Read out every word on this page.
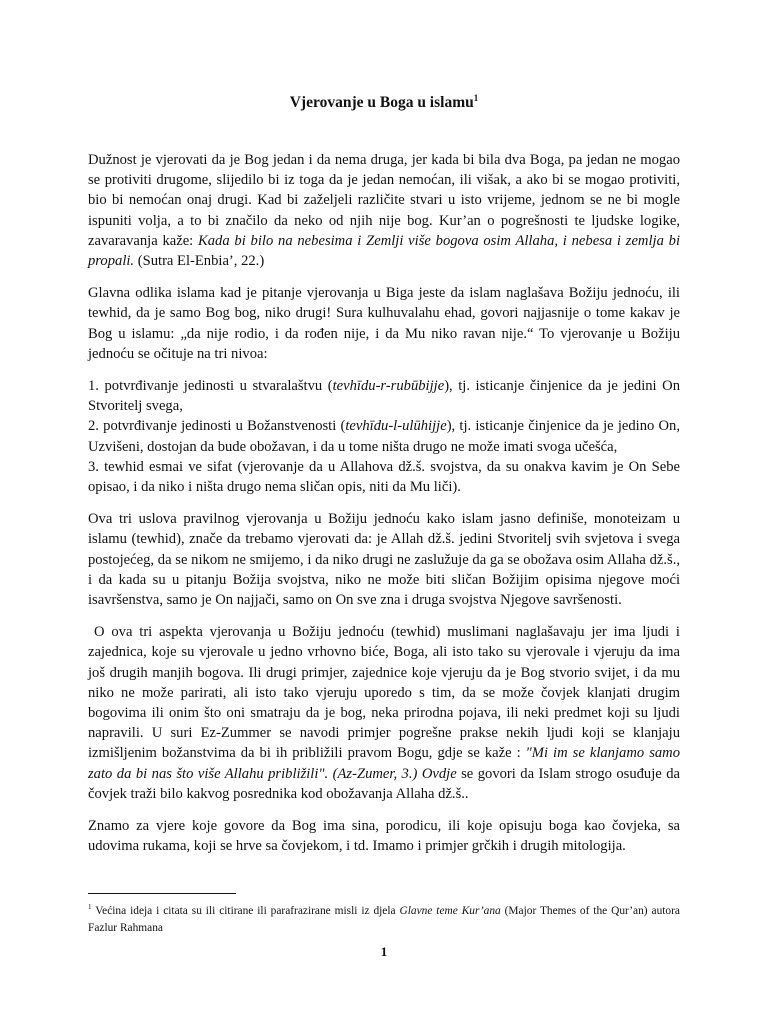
Vjerovanje u Boga u islamu$^1$

Dužnost je vjerovati da je Bog jedan i da nema druga, jer kada bi bila dva Boga, pa jedan ne mogao se protiviti drugome, slijedilo bi iz toga da je jedan nemoćan, ili višak, a ako bi se mogao protiviti, bio bi nemoćan onaj drugi. Kad bi zaželjeli različite stvari u isto vrijeme, jednom se ne bi mogle ispuniti volja, a to bi značilo da neko od njih nije bog. Kur’an o pogrešnosti te ljudske logike, zavaravanja kaže: Kada bi bilo na nebesima i Zemlji više bogova osim Allaha, i nebesa i zemlja bi propali. (Sutra El-Enbia’, 22.)

Glavna odlika islama kad je pitanje vjerovanja u Biga jeste da islam naglašava Božiju jednoću, ili tewhid, da je samo Bog bog, niko drugi! Sura kulhuvalahu ehad, govori najjasnije o tome kakav je Bog u islamu: „da nije rodio, i da rođen nije, i da Mu niko ravan nije.“ To vjerovanje u Božiju jednoću se očituje na tri nivoa:

1. potvrđivanje jedinosti u stvaralaštvu (tevhīdu-r-rubūbijje), tj. isticanje činjenice da je jedini On Stvoritelj svega,
2. potvrđivanje jedinosti u Božanstvenosti (tevhīdu-l-ulūhijje), tj. isticanje činjenice da je jedino On, Uzvišeni, dostojan da bude obožavan, i da u tome ništa drugo ne može imati svoga učešća,
3. tewhid esmai ve sifat (vjerovanje da u Allahova dž.š. svojstva, da su onakva kavim je On Sebe opisao, i da niko i ništa drugo nema sličan opis, niti da Mu liči).

Ova tri uslova pravilnog vjerovanja u Božiju jednoću kako islam jasno definiše, monoteizam u islamu (tewhid), znače da trebamo vjerovati da: je Allah dž.š. jedini Stvoritelj svih svjetova i svega postojećeg, da se nikom ne smijemo, i da niko drugi ne zaslužuje da ga se obožava osim Allaha dž.š., i da kada su u pitanju Božija svojstva, niko ne može biti sličan Božijim opisima njegove moći isavršenstva, samo je On najjači, samo on On sve zna i druga svojstva Njegove savršenosti.

O ova tri aspekta vjerovanja u Božiju jednoću (tewhid) muslimani naglašavaju jer ima ljudi i zajednica, koje su vjerovale u jedno vrhovno biće, Boga, ali isto tako su vjerovale i vjeruju da ima još drugih manjih bogova. Ili drugi primjer, zajednice koje vjeruju da je Bog stvorio svijet, i da mu niko ne može parirati, ali isto tako vjeruju uporedo s tim, da se može čovjek klanjati drugim bogovima ili onim što oni smatraju da je bog, neka prirodna pojava, ili neki predmet koji su ljudi napravili. U suri Ez-Zummer se navodi primjer pogrešne prakse nekih ljudi koji se klanjaju izmišljenim božanstvima da bi ih približili pravom Bogu, gdje se kaže : "Mi im se klanjamo samo zato da bi nas što više Allahu približili". (Az-Zumer, 3.) Ovdje se govori da Islam strogo osuđuje da čovjek traži bilo kakvog posrednika kod obožavanja Allaha dž.š..

Znamo za vjere koje govore da Bog ima sina, porodicu, ili koje opisuju boga kao čovjeka, sa udovima rukama, koji se hrve sa čovjekom, i td. Imamo i primjer grčkih i drugih mitologija.

$^1$ Većina ideja i citata su ili citirane ili parafrazirane misli iz djela Glavne teme Kur’ana (Major Themes of the Qur’an) autora Fazlur Rahmana
1
